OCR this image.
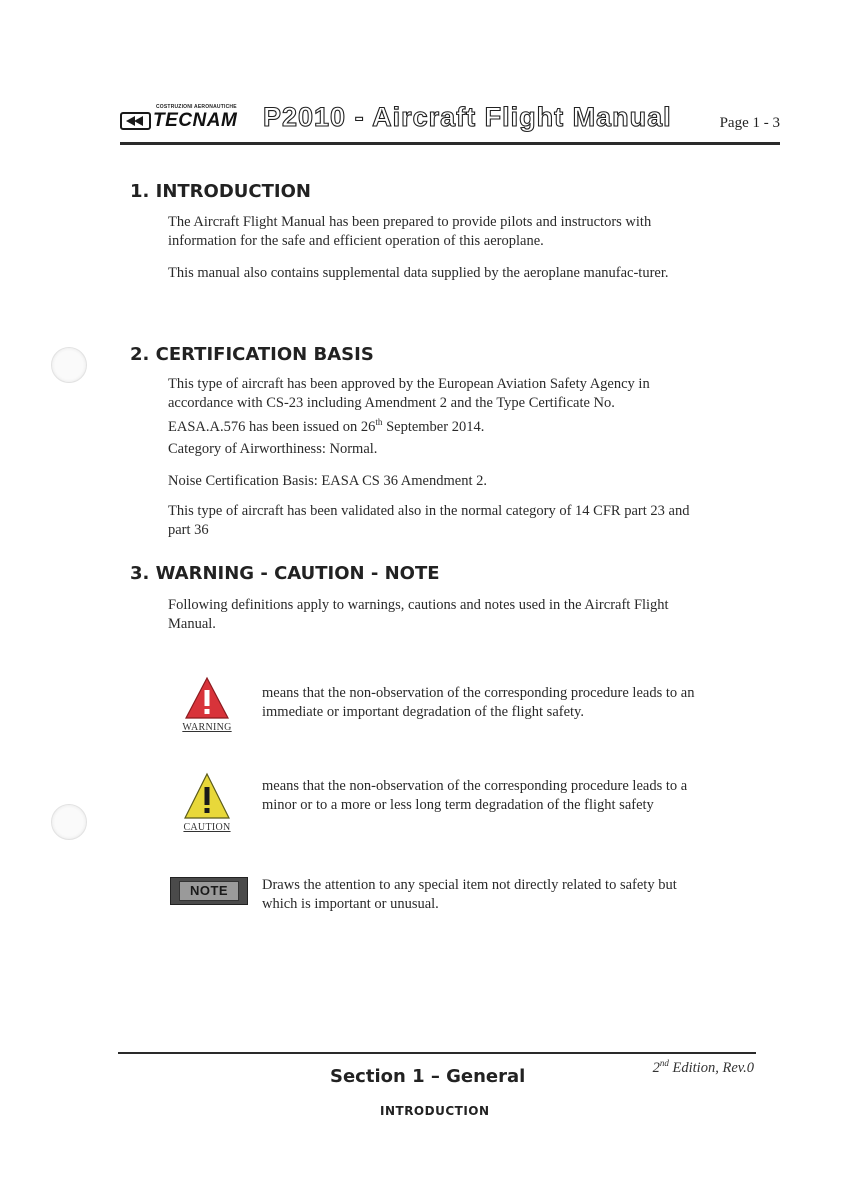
COSTRUZIONI AERONAUTICHE
TECNAM P2010 - Aircraft Flight Manual	Page 1 - 3
1. INTRODUCTION

The Aircraft Flight Manual has been prepared to provide pilots and instructors with information for the safe and efficient operation of this aeroplane.

This manual also contains supplemental data supplied by the aeroplane manufac-turer.

2. CERTIFICATION BASIS

This type of aircraft has been approved by the European Aviation Safety Agency in accordance with CS-23 including Amendment 2 and the Type Certificate No. EASA.A.576 has been issued on 26th September 2014.

Category of Airworthiness: Normal.

Noise Certification Basis: EASA CS 36 Amendment 2.

This type of aircraft has been validated also in the normal category of 14 CFR part 23 and part 36

3. WARNING - CAUTION - NOTE

Following definitions apply to warnings, cautions and notes used in the Aircraft Flight Manual.

WARNING

means that the non-observation of the corresponding procedure leads to an immediate or important degradation of the flight safety.

CAUTION

means that the non-observation of the corresponding procedure leads to a minor or to a more or less long term degradation of the flight safety

NOTE	Draws the attention to any special item not directly related to safety but which is important or unusual.

2nd Edition, Rev.0
Section 1 – General
INTRODUCTION
